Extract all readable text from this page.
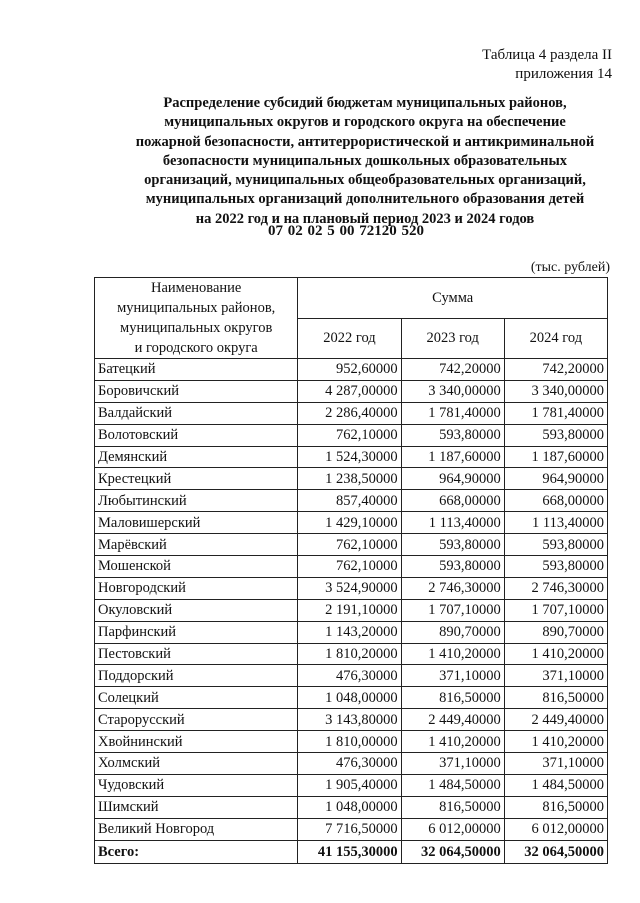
Таблица 4 раздела II
приложения 14
Распределение субсидий бюджетам муниципальных районов,
муниципальных округов и городского округа на обеспечение
пожарной безопасности, антитеррористической и антикриминальной
безопасности муниципальных дошкольных образовательных
организаций, муниципальных общеобразовательных организаций,
муниципальных организаций дополнительного образования детей
на 2022 год и на плановый период 2023 и 2024 годов
07 02 02 5 00 72120 520
(тыс. рублей)
Наименование
муниципальных районов,
муниципальных округов
и городского округа	Сумма		
	2022 год	2023 год	2024 год
Батецкий	952,60000	742,20000	742,20000
Боровичский	4 287,00000	3 340,00000	3 340,00000
Валдайский	2 286,40000	1 781,40000	1 781,40000
Волотовский	762,10000	593,80000	593,80000
Демянский	1 524,30000	1 187,60000	1 187,60000
Крестецкий	1 238,50000	964,90000	964,90000
Любытинский	857,40000	668,00000	668,00000
Маловишерский	1 429,10000	1 113,40000	1 113,40000
Марёвский	762,10000	593,80000	593,80000
Мошенской	762,10000	593,80000	593,80000
Новгородский	3 524,90000	2 746,30000	2 746,30000
Окуловский	2 191,10000	1 707,10000	1 707,10000
Парфинский	1 143,20000	890,70000	890,70000
Пестовский	1 810,20000	1 410,20000	1 410,20000
Поддорский	476,30000	371,10000	371,10000
Солецкий	1 048,00000	816,50000	816,50000
Старорусский	3 143,80000	2 449,40000	2 449,40000
Хвойнинский	1 810,00000	1 410,20000	1 410,20000
Холмский	476,30000	371,10000	371,10000
Чудовский	1 905,40000	1 484,50000	1 484,50000
Шимский	1 048,00000	816,50000	816,50000
Великий Новгород	7 716,50000	6 012,00000	6 012,00000
Всего:	41 155,30000	32 064,50000	32 064,50000
